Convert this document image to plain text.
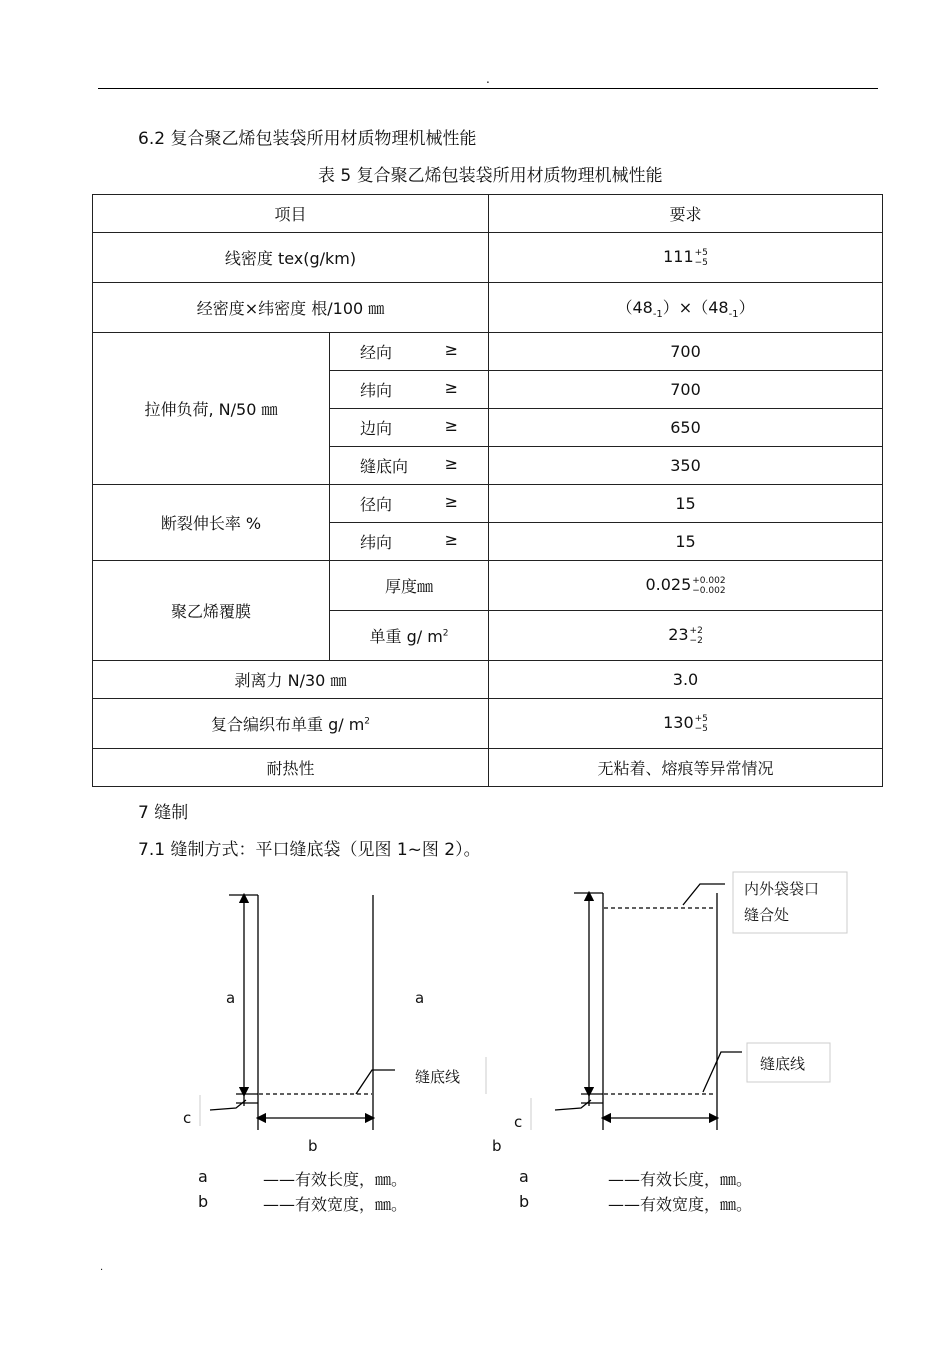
.
6.2 复合聚乙烯包装袋所用材质物理机械性能
表 5 复合聚乙烯包装袋所用材质物理机械性能
项目		要求
线密度 tex(g/km)		111 +5
−5

经密度×纬密度 根/100 ㎜		$(48_{-1})\times(48_{-1})$
拉伸负荷, N/50 ㎜	经向 ≥	700

	纬向 ≥	700

	边向 ≥	650

	缝底向 ≥	350
断裂伸长率 %	径向 ≥	15

	纬向 ≥	15
聚乙烯覆膜	厚度㎜	0.025 +0.002
−0.002

	单重 g/ $m^2$	23 +2
−2

剥离力 N/30 ㎜		3.0
复合编织布单重 g/ $m^2$		130 +5
−5

耐热性		无粘着、熔痕等异常情况
7 缝制
7.1 缝制方式：平口缝底袋（见图 1~图 2）。
a	a
c
b
缝底线
内外袋袋口
缝合处
缝底线
c
b
a	——有效长度，㎜。
b	——有效宽度，㎜。
a	——有效长度，㎜。
b	——有效宽度，㎜。
.
